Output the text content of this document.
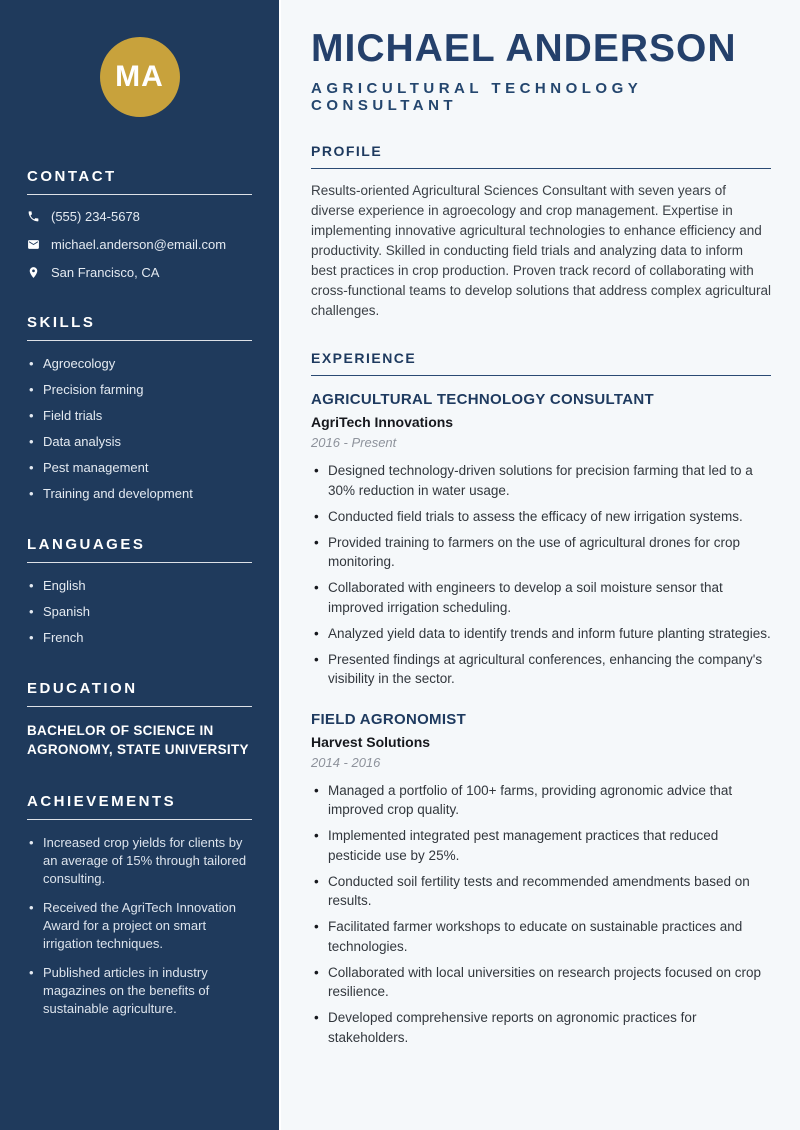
MA
CONTACT
(555) 234-5678
michael.anderson@email.com
San Francisco, CA
SKILLS
• Agroecology
• Precision farming
• Field trials
• Data analysis
• Pest management
• Training and development
LANGUAGES
• English
• Spanish
• French
EDUCATION
BACHELOR OF SCIENCE IN AGRONOMY, STATE UNIVERSITY
ACHIEVEMENTS
• Increased crop yields for clients by an average of 15% through tailored consulting.
• Received the AgriTech Innovation Award for a project on smart irrigation techniques.
• Published articles in industry magazines on the benefits of sustainable agriculture.
MICHAEL ANDERSON
AGRICULTURAL TECHNOLOGY CONSULTANT
PROFILE

Results-oriented Agricultural Sciences Consultant with seven years of diverse experience in agroecology and crop management. Expertise in implementing innovative agricultural technologies to enhance efficiency and productivity. Skilled in conducting field trials and analyzing data to inform best practices in crop production. Proven track record of collaborating with cross-functional teams to develop solutions that address complex agricultural challenges.

EXPERIENCE
AGRICULTURAL TECHNOLOGY CONSULTANT
AgriTech Innovations
2016 - Present
• Designed technology-driven solutions for precision farming that led to a 30% reduction in water usage.
• Conducted field trials to assess the efficacy of new irrigation systems.
• Provided training to farmers on the use of agricultural drones for crop monitoring.
• Collaborated with engineers to develop a soil moisture sensor that improved irrigation scheduling.
• Analyzed yield data to identify trends and inform future planting strategies.
• Presented findings at agricultural conferences, enhancing the company's visibility in the sector.
FIELD AGRONOMIST
Harvest Solutions
2014 - 2016
• Managed a portfolio of 100+ farms, providing agronomic advice that improved crop quality.
• Implemented integrated pest management practices that reduced pesticide use by 25%.
• Conducted soil fertility tests and recommended amendments based on results.
• Facilitated farmer workshops to educate on sustainable practices and technologies.
• Collaborated with local universities on research projects focused on crop resilience.
• Developed comprehensive reports on agronomic practices for stakeholders.
